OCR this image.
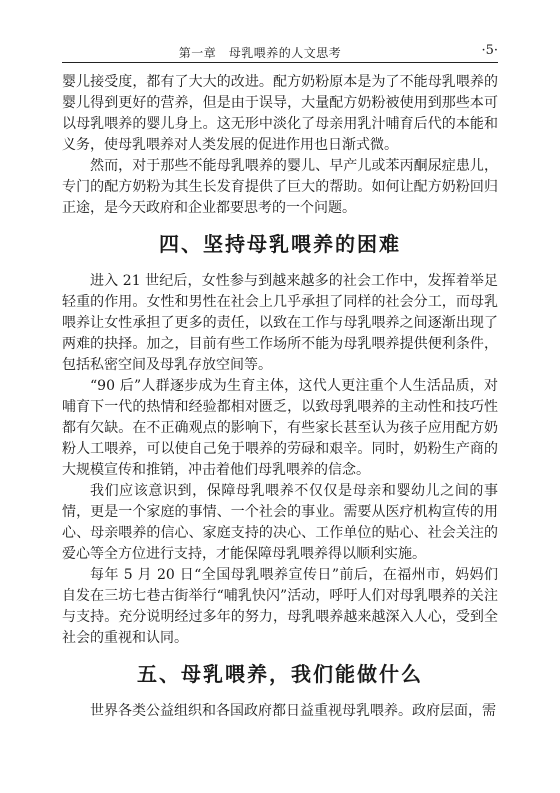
第一章　母乳喂养的人文思考	·5·

婴儿接受度，都有了大大的改进。配方奶粉原本是为了不能母乳喂养的婴儿得到更好的营养，但是由于误导，大量配方奶粉被使用到那些本可以母乳喂养的婴儿身上。这无形中淡化了母亲用乳汁哺育后代的本能和义务，使母乳喂养对人类发展的促进作用也日渐式微。

然而，对于那些不能母乳喂养的婴儿、早产儿或苯丙酮尿症患儿，专门的配方奶粉为其生长发育提供了巨大的帮助。如何让配方奶粉回归正途，是今天政府和企业都要思考的一个问题。

四、坚持母乳喂养的困难

进入 21 世纪后，女性参与到越来越多的社会工作中，发挥着举足轻重的作用。女性和男性在社会上几乎承担了同样的社会分工，而母乳喂养让女性承担了更多的责任，以致在工作与母乳喂养之间逐渐出现了两难的抉择。加之，目前有些工作场所不能为母乳喂养提供便利条件，包括私密空间及母乳存放空间等。

“90 后”人群逐步成为生育主体，这代人更注重个人生活品质，对哺育下一代的热情和经验都相对匮乏，以致母乳喂养的主动性和技巧性都有欠缺。在不正确观点的影响下，有些家长甚至认为孩子应用配方奶粉人工喂养，可以使自己免于喂养的劳碌和艰辛。同时，奶粉生产商的大规模宣传和推销，冲击着他们母乳喂养的信念。

我们应该意识到，保障母乳喂养不仅仅是母亲和婴幼儿之间的事情，更是一个家庭的事情、一个社会的事业。需要从医疗机构宣传的用心、母亲喂养的信心、家庭支持的决心、工作单位的贴心、社会关注的爱心等全方位进行支持，才能保障母乳喂养得以顺利实施。

每年 5 月 20 日“全国母乳喂养宣传日”前后，在福州市，妈妈们自发在三坊七巷古街举行“哺乳快闪”活动，呼吁人们对母乳喂养的关注与支持。充分说明经过多年的努力，母乳喂养越来越深入人心，受到全社会的重视和认同。

五、母乳喂养，我们能做什么

世界各类公益组织和各国政府都日益重视母乳喂养。政府层面，需
